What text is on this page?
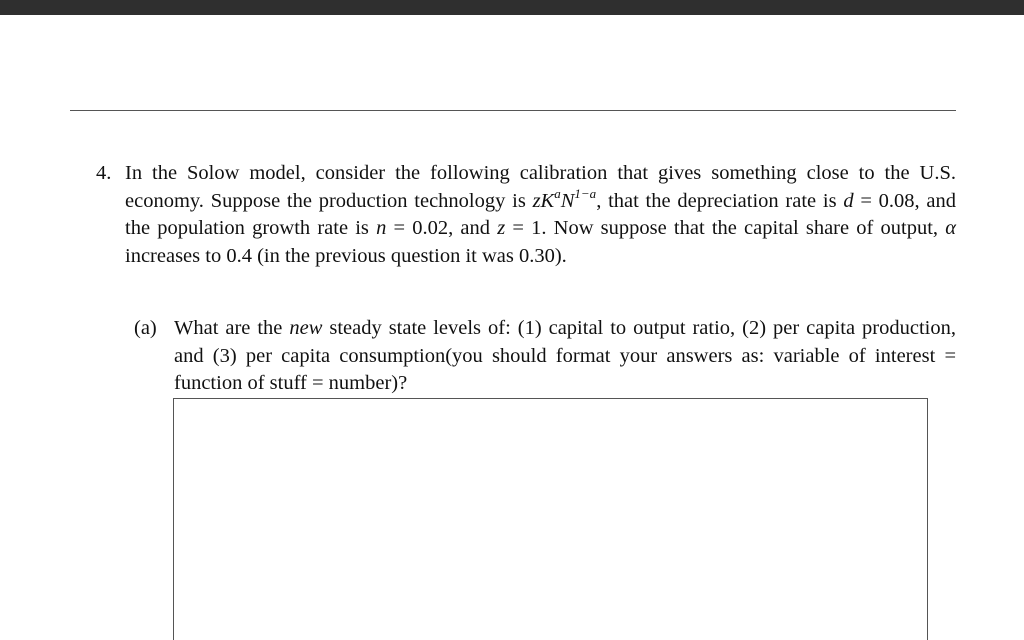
4. In the Solow model, consider the following calibration that gives something close to the U.S. economy. Suppose the production technology is $zK^aN^{1-a}$, that the depreciation rate is d = 0.08, and the population growth rate is n = 0.02, and z = 1. Now suppose that the capital share of output, α increases to 0.4 (in the previous question it was 0.30).
(a) What are the new steady state levels of: (1) capital to output ratio, (2) per capita production, and (3) per capita consumption(you should format your answers as: variable of interest = function of stuff = number)?
